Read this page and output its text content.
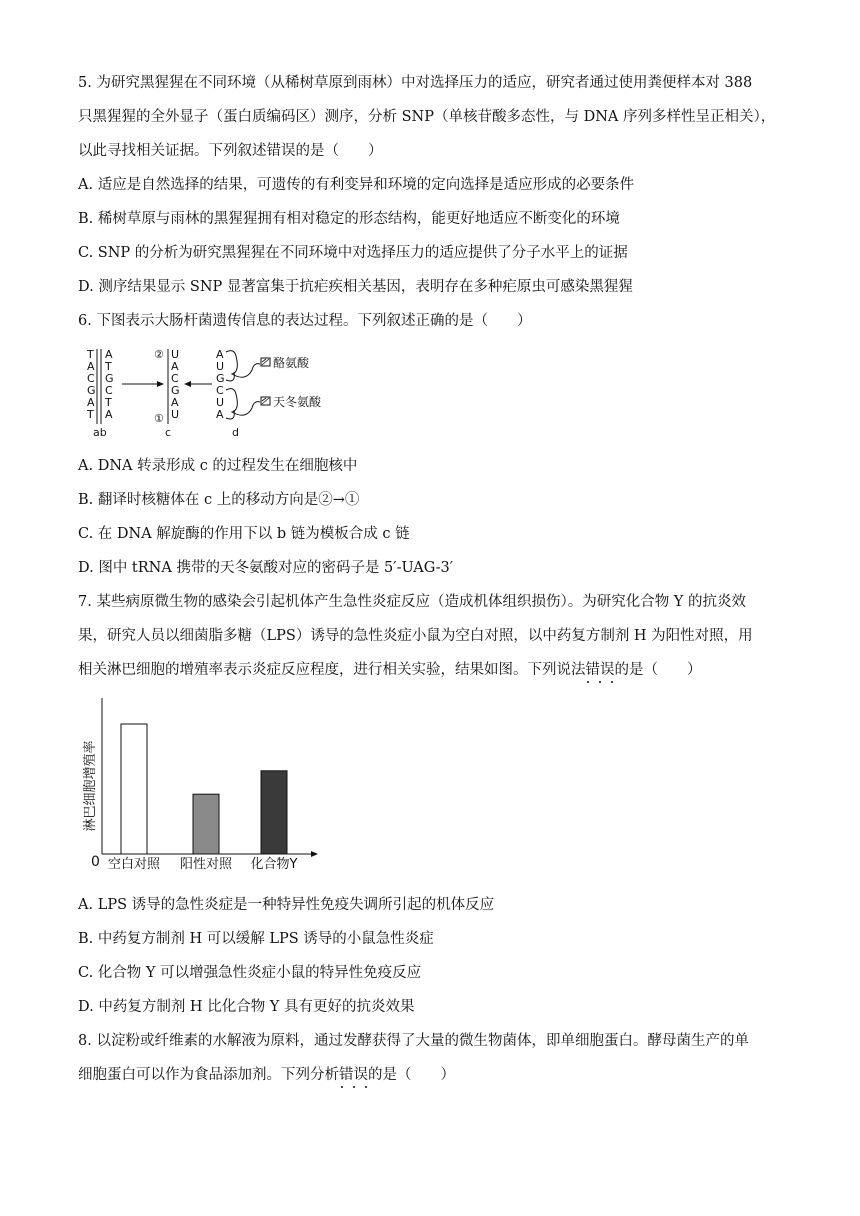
5. 为研究黑猩猩在不同环境（从稀树草原到雨林）中对选择压力的适应，研究者通过使用粪便样本对 388
只黑猩猩的全外显子（蛋白质编码区）测序，分析 SNP（单核苷酸多态性，与 DNA 序列多样性呈正相关），
以此寻找相关证据。下列叙述错误的是（　　）
A. 适应是自然选择的结果，可遗传的有利变异和环境的定向选择是适应形成的必要条件
B. 稀树草原与雨林的黑猩猩拥有相对稳定的形态结构，能更好地适应不断变化的环境
C. SNP 的分析为研究黑猩猩在不同环境中对选择压力的适应提供了分子水平上的证据
D. 测序结果显示 SNP 显著富集于抗疟疾相关基因，表明存在多种疟原虫可感染黑猩猩
6. 下图表示大肠杆菌遗传信息的表达过程。下列叙述正确的是（　　）
T
A
C
G
A
T
A
T
G
C
T
A
ab
② U
A
C
G
A
U
①
c
A
U
G
酪氨酸
C
U
A
天冬氨酸
d
A. DNA 转录形成 c 的过程发生在细胞核中
B. 翻译时核糖体在 c 上的移动方向是②→①
C. 在 DNA 解旋酶的作用下以 b 链为模板合成 c 链
D. 图中 tRNA 携带的天冬氨酸对应的密码子是 5′-UAG-3′
7. 某些病原微生物的感染会引起机体产生急性炎症反应（造成机体组织损伤）。为研究化合物 Y 的抗炎效
果，研究人员以细菌脂多糖（LPS）诱导的急性炎症小鼠为空白对照，以中药复方制剂 H 为阳性对照，用
相关淋巴细胞的增殖率表示炎症反应程度，进行相关实验，结果如图。下列说法错误的是（　　）
淋巴细胞增殖率
0 空白对照 阳性对照 化合物Y
A. LPS 诱导的急性炎症是一种特异性免疫失调所引起的机体反应
B. 中药复方制剂 H 可以缓解 LPS 诱导的小鼠急性炎症
C. 化合物 Y 可以增强急性炎症小鼠的特异性免疫反应
D. 中药复方制剂 H 比化合物 Y 具有更好的抗炎效果
8. 以淀粉或纤维素的水解液为原料，通过发酵获得了大量的微生物菌体，即单细胞蛋白。酵母菌生产的单
细胞蛋白可以作为食品添加剂。下列分析错误的是（　　）
